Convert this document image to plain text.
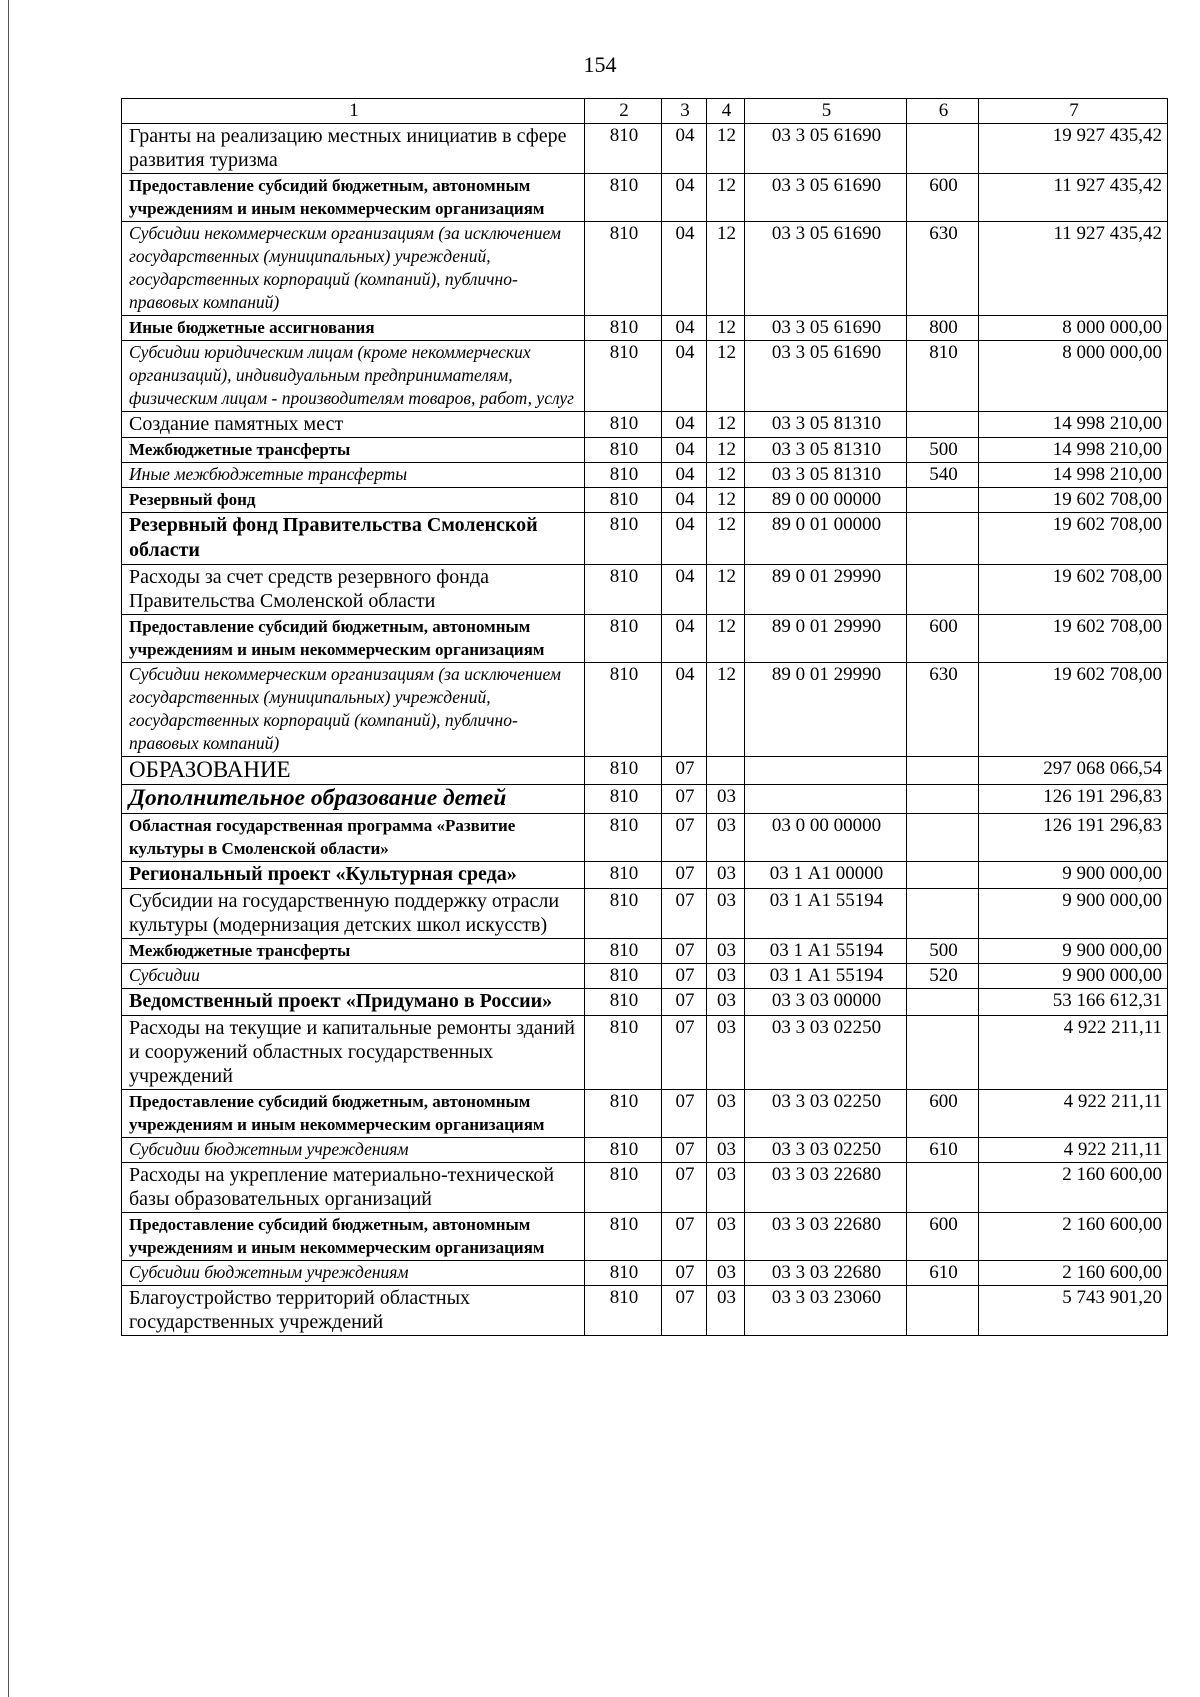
154
1	2	3	4	5	6	7
Гранты на реализацию местных инициатив в сфере развития туризма	810	04	12	03 3 05 61690		19 927 435,42
Предоставление субсидий бюджетным, автономным учреждениям и иным некоммерческим организациям	810	04	12	03 3 05 61690	600	11 927 435,42
Субсидии некоммерческим организациям (за исключением государственных (муниципальных) учреждений, государственных корпораций (компаний), публично-правовых компаний)	810	04	12	03 3 05 61690	630	11 927 435,42
Иные бюджетные ассигнования	810	04	12	03 3 05 61690	800	8 000 000,00
Субсидии юридическим лицам (кроме некоммерческих организаций), индивидуальным предпринимателям, физическим лицам - производителям товаров, работ, услуг	810	04	12	03 3 05 61690	810	8 000 000,00
Создание памятных мест	810	04	12	03 3 05 81310		14 998 210,00
Межбюджетные трансферты	810	04	12	03 3 05 81310	500	14 998 210,00
Иные межбюджетные трансферты	810	04	12	03 3 05 81310	540	14 998 210,00
Резервный фонд	810	04	12	89 0 00 00000		19 602 708,00
Резервный фонд Правительства Смоленской области	810	04	12	89 0 01 00000		19 602 708,00
Расходы за счет средств резервного фонда Правительства Смоленской области	810	04	12	89 0 01 29990		19 602 708,00
Предоставление субсидий бюджетным, автономным учреждениям и иным некоммерческим организациям	810	04	12	89 0 01 29990	600	19 602 708,00
Субсидии некоммерческим организациям (за исключением государственных (муниципальных) учреждений, государственных корпораций (компаний), публично-правовых компаний)	810	04	12	89 0 01 29990	630	19 602 708,00
ОБРАЗОВАНИЕ	810	07				297 068 066,54
Дополнительное образование детей	810	07	03			126 191 296,83
Областная государственная программа «Развитие культуры в Смоленской области»	810	07	03	03 0 00 00000		126 191 296,83
Региональный проект «Культурная среда»	810	07	03	03 1 А1 00000		9 900 000,00
Субсидии на государственную поддержку отрасли культуры (модернизация детских школ искусств)	810	07	03	03 1 А1 55194		9 900 000,00
Межбюджетные трансферты	810	07	03	03 1 А1 55194	500	9 900 000,00
Субсидии	810	07	03	03 1 А1 55194	520	9 900 000,00
Ведомственный проект «Придумано в России»	810	07	03	03 3 03 00000		53 166 612,31
Расходы на текущие и капитальные ремонты зданий и сооружений областных государственных учреждений	810	07	03	03 3 03 02250		4 922 211,11
Предоставление субсидий бюджетным, автономным учреждениям и иным некоммерческим организациям	810	07	03	03 3 03 02250	600	4 922 211,11
Субсидии бюджетным учреждениям	810	07	03	03 3 03 02250	610	4 922 211,11
Расходы на укрепление материально-технической базы образовательных организаций	810	07	03	03 3 03 22680		2 160 600,00
Предоставление субсидий бюджетным, автономным учреждениям и иным некоммерческим организациям	810	07	03	03 3 03 22680	600	2 160 600,00
Субсидии бюджетным учреждениям	810	07	03	03 3 03 22680	610	2 160 600,00
Благоустройство территорий областных государственных учреждений	810	07	03	03 3 03 23060		5 743 901,20
